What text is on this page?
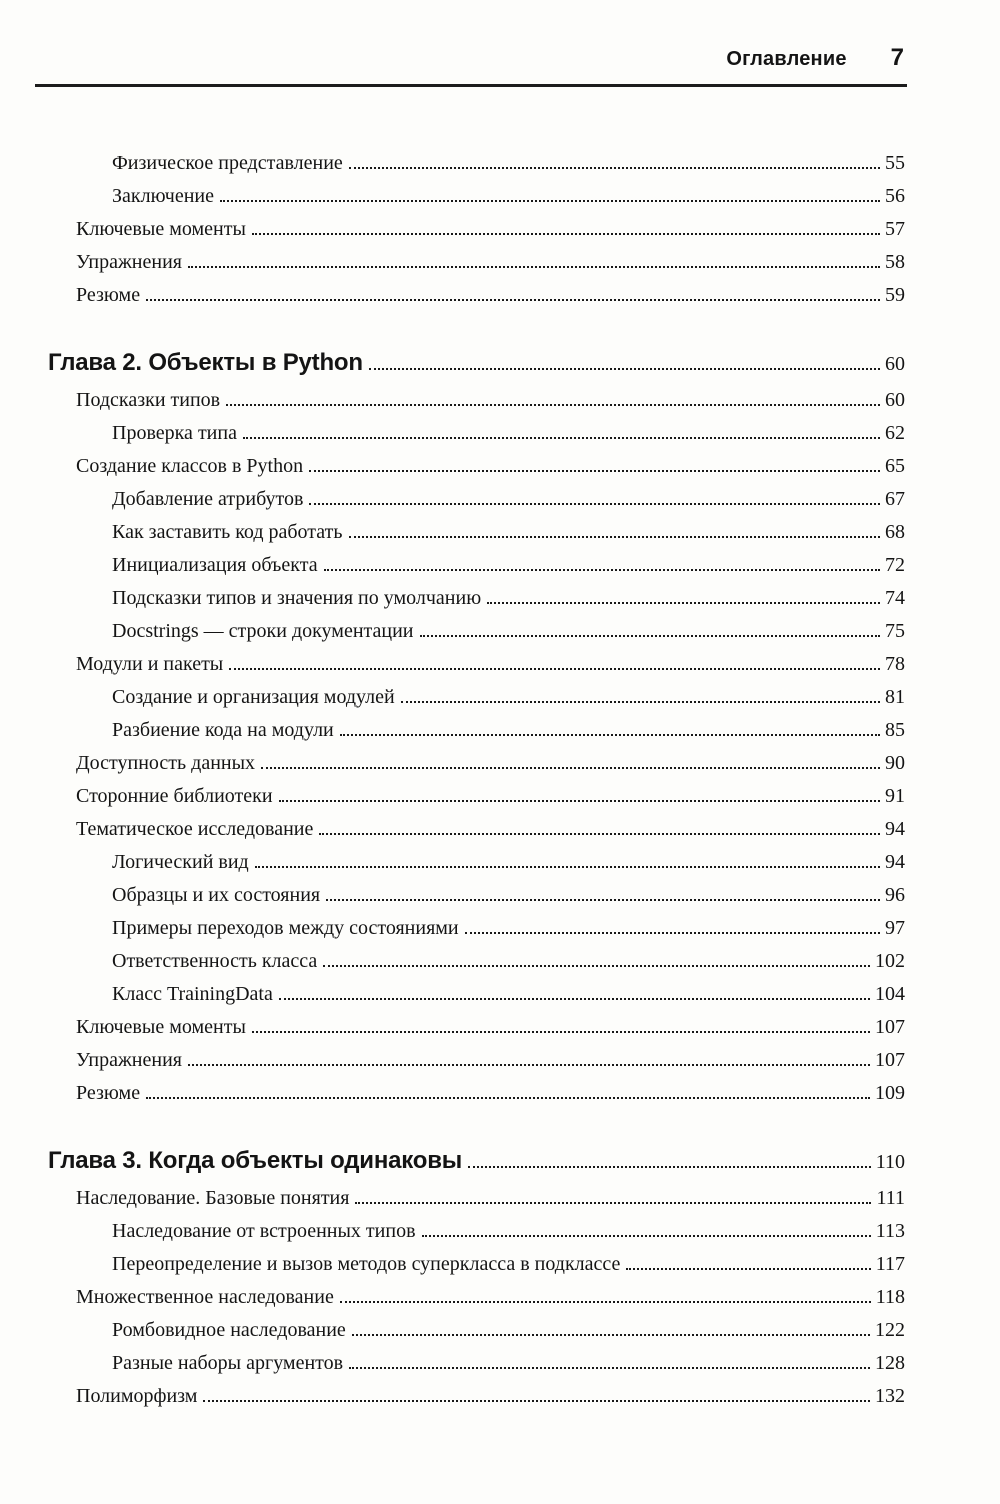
Оглавление 7
Физическое представление	55
Заключение	56
Ключевые моменты	57
Упражнения	58
Резюме	59
Глава 2. Объекты в Python	60
Подсказки типов	60
Проверка типа	62
Создание классов в Python	65
Добавление атрибутов	67
Как заставить код работать	68
Инициализация объекта	72
Подсказки типов и значения по умолчанию	74
Docstrings — строки документации	75
Модули и пакеты	78
Создание и организация модулей	81
Разбиение кода на модули	85
Доступность данных	90
Сторонние библиотеки	91
Тематическое исследование	94
Логический вид	94
Образцы и их состояния	96
Примеры переходов между состояниями	97
Ответственность класса	102
Класс TrainingData	104
Ключевые моменты	107
Упражнения	107
Резюме	109
Глава 3. Когда объекты одинаковы	110
Наследование. Базовые понятия	111
Наследование от встроенных типов	113
Переопределение и вызов методов суперкласса в подклассе	117
Множественное наследование	118
Ромбовидное наследование	122
Разные наборы аргументов	128
Полиморфизм	132
